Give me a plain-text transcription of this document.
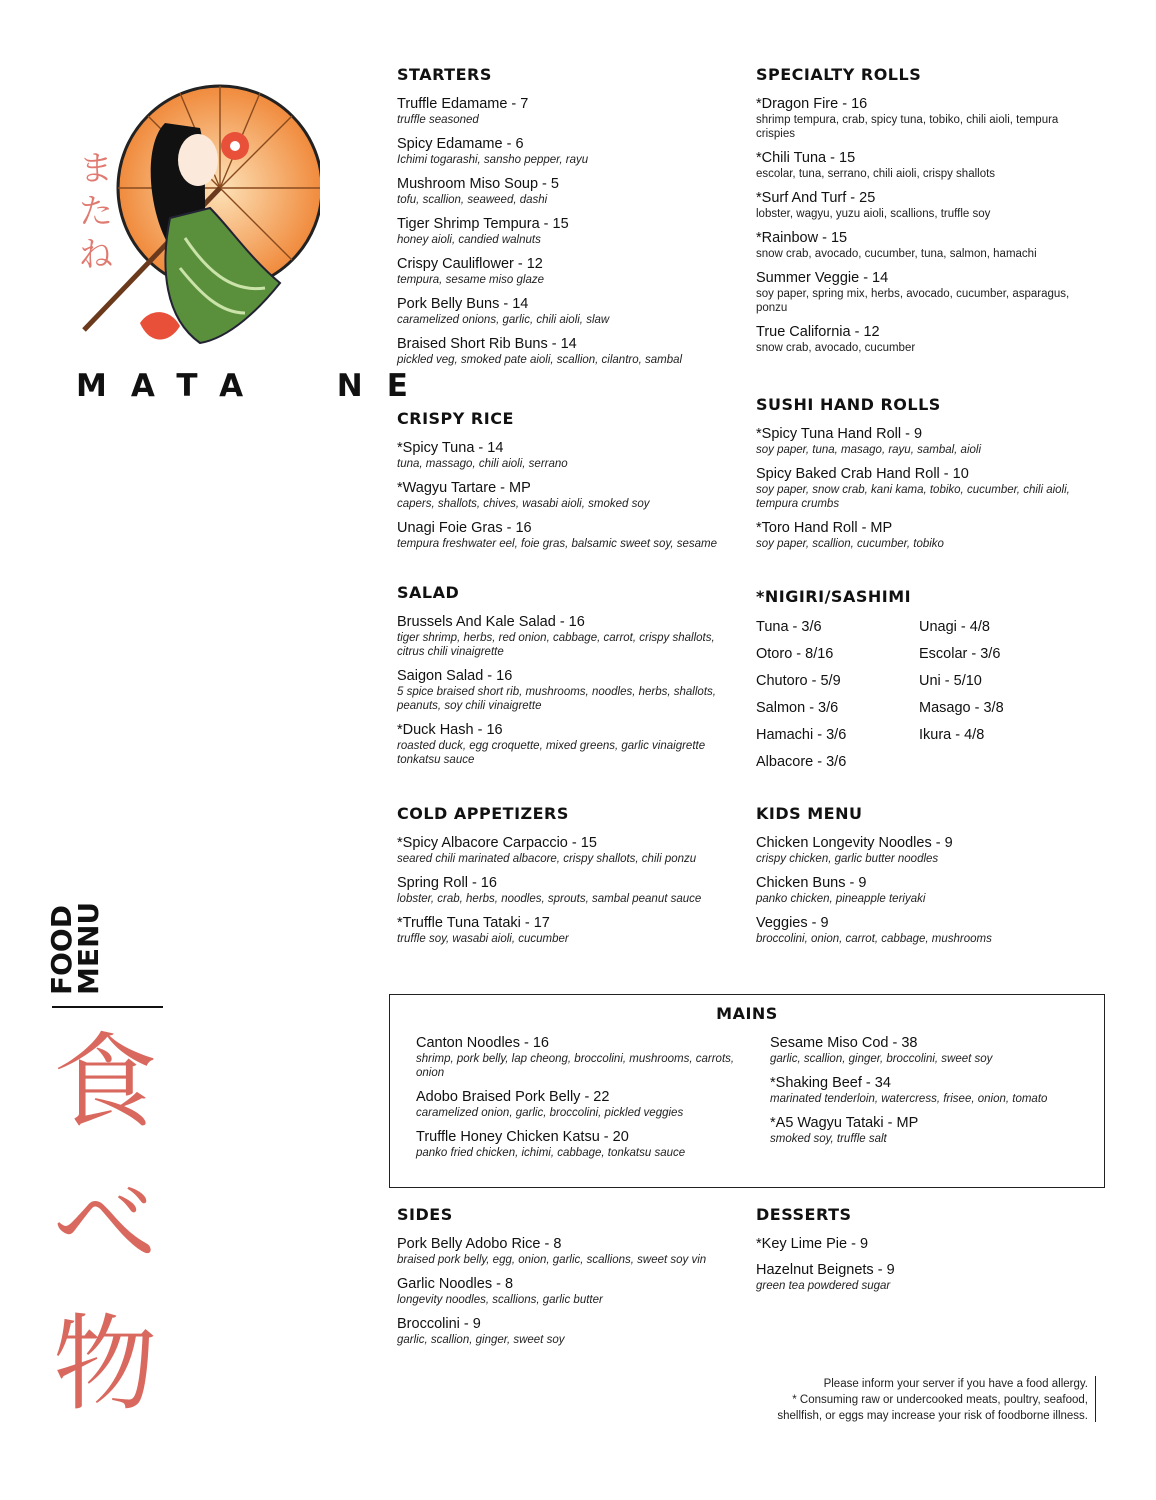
ま
た
ね
MATA  NE
FOOD
MENU
食
べ
物
STARTERS
Truffle Edamame - 7
truffle seasoned
Spicy Edamame - 6
Ichimi togarashi, sansho pepper, rayu
Mushroom Miso Soup - 5
tofu, scallion, seaweed, dashi
Tiger Shrimp Tempura - 15
honey aioli, candied walnuts
Crispy Cauliflower - 12
tempura, sesame miso glaze
Pork Belly Buns - 14
caramelized onions, garlic, chili aioli, slaw
Braised Short Rib Buns - 14
pickled veg, smoked pate aioli, scallion, cilantro, sambal
CRISPY RICE
*Spicy Tuna - 14
tuna, massago, chili aioli, serrano
*Wagyu Tartare - MP
capers, shallots, chives, wasabi aioli, smoked soy
Unagi Foie Gras - 16
tempura freshwater eel, foie gras, balsamic sweet soy, sesame
SALAD
Brussels And Kale Salad - 16
tiger shrimp, herbs, red onion, cabbage, carrot, crispy shallots, citrus chili vinaigrette
Saigon Salad - 16
5 spice braised short rib, mushrooms, noodles, herbs, shallots, peanuts, soy chili vinaigrette
*Duck Hash - 16
roasted duck, egg croquette, mixed greens, garlic vinaigrette tonkatsu sauce
COLD APPETIZERS
*Spicy Albacore Carpaccio - 15
seared chili marinated albacore, crispy shallots, chili ponzu
Spring Roll - 16
lobster, crab, herbs, noodles, sprouts, sambal peanut sauce
*Truffle Tuna Tataki - 17
truffle soy, wasabi aioli, cucumber
SPECIALTY ROLLS
*Dragon Fire - 16
shrimp tempura, crab, spicy tuna, tobiko, chili aioli, tempura crispies
*Chili Tuna - 15
escolar, tuna, serrano, chili aioli, crispy shallots
*Surf And Turf - 25
lobster, wagyu, yuzu aioli, scallions, truffle soy
*Rainbow - 15
snow crab, avocado, cucumber, tuna, salmon, hamachi
Summer Veggie - 14
soy paper, spring mix, herbs, avocado, cucumber, asparagus, ponzu
True California - 12
snow crab, avocado, cucumber
SUSHI HAND ROLLS
*Spicy Tuna Hand Roll - 9
soy paper, tuna, masago, rayu, sambal, aioli
Spicy Baked Crab Hand Roll - 10
soy paper, snow crab, kani kama, tobiko, cucumber, chili aioli, tempura crumbs
*Toro Hand Roll - MP
soy paper, scallion, cucumber, tobiko
*NIGIRI/SASHIMI
Tuna - 3/6	Unagi - 4/8
Otoro - 8/16	Escolar - 3/6
Chutoro - 5/9	Uni - 5/10
Salmon - 3/6	Masago - 3/8
Hamachi - 3/6	Ikura - 4/8
Albacore - 3/6
KIDS MENU
Chicken Longevity Noodles - 9
crispy chicken, garlic butter noodles
Chicken Buns - 9
panko chicken, pineapple teriyaki
Veggies - 9
broccolini, onion, carrot, cabbage, mushrooms
MAINS
Canton Noodles - 16
shrimp, pork belly, lap cheong, broccolini, mushrooms, carrots, onion
Adobo Braised Pork Belly - 22
caramelized onion, garlic, broccolini, pickled veggies
Truffle Honey Chicken Katsu - 20
panko fried chicken, ichimi, cabbage, tonkatsu sauce
Sesame Miso Cod - 38
garlic, scallion, ginger, broccolini, sweet soy
*Shaking Beef - 34
marinated tenderloin, watercress, frisee, onion, tomato
*A5 Wagyu Tataki - MP
smoked soy, truffle salt
SIDES
Pork Belly Adobo Rice - 8
braised pork belly, egg, onion, garlic, scallions, sweet soy vin
Garlic Noodles - 8
longevity noodles, scallions, garlic butter
Broccolini - 9
garlic, scallion, ginger, sweet soy
DESSERTS
*Key Lime Pie - 9
Hazelnut Beignets - 9
green tea powdered sugar
Please inform your server if you have a food allergy.
* Consuming raw or undercooked meats, poultry, seafood,
shellfish, or eggs may increase your risk of foodborne illness.
